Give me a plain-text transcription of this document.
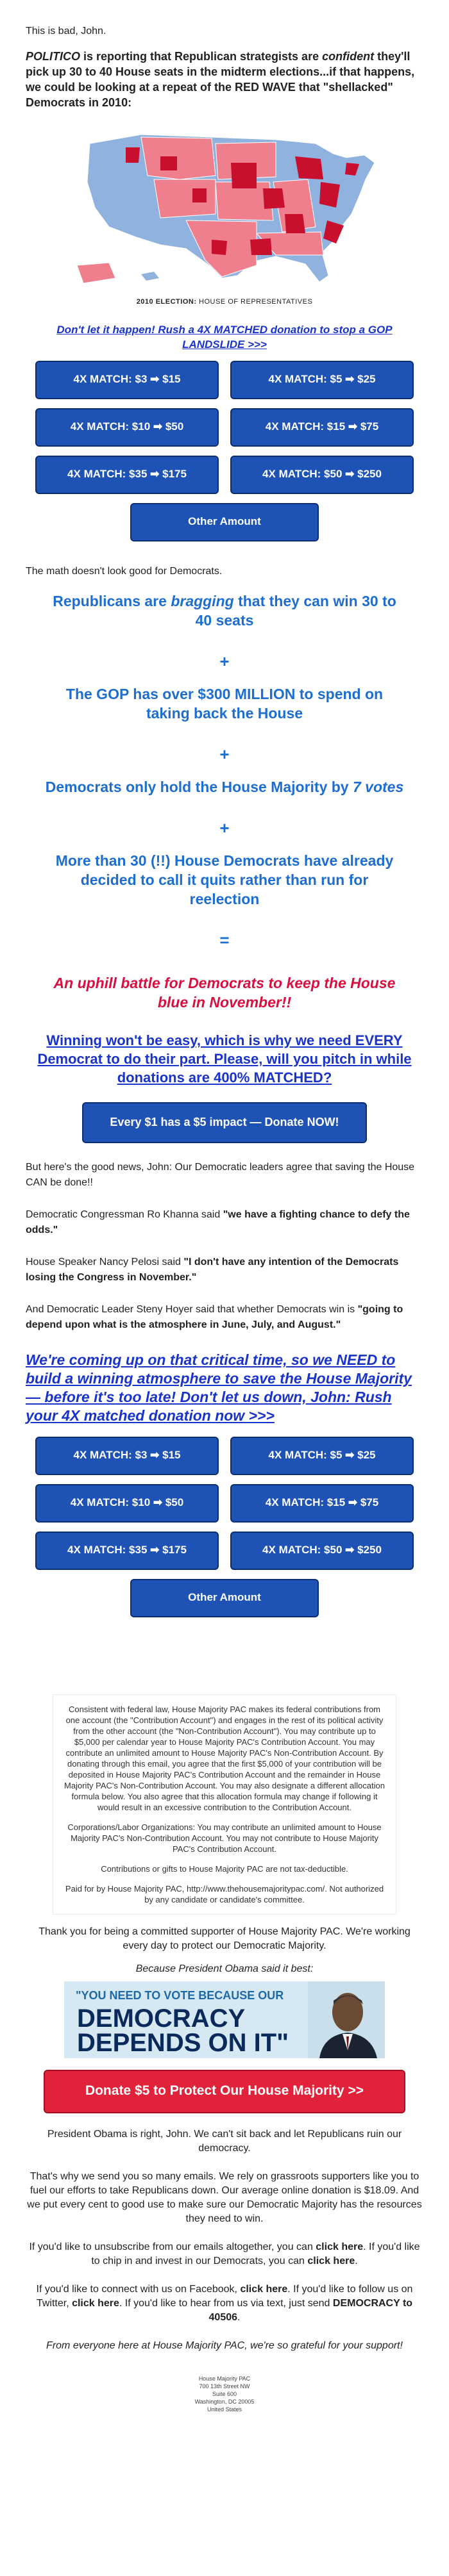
This is bad, John.

POLITICO is reporting that Republican strategists are confident they'll pick up 30 to 40 House seats in the midterm elections...if that happens, we could be looking at a repeat of the RED WAVE that "shellacked" Democrats in 2010:

2010 ELECTION: HOUSE OF REPRESENTATIVES

Don't let it happen! Rush a 4X MATCHED donation to stop a GOP LANDSLIDE >>>

4X MATCH: $3 ➡ $15	4X MATCH: $5 ➡ $25
4X MATCH: $10 ➡ $50	4X MATCH: $15 ➡ $75
4X MATCH: $35 ➡ $175	4X MATCH: $50 ➡ $250
Other Amount

The math doesn't look good for Democrats.

Republicans are bragging that they can win 30 to 40 seats

+

The GOP has over $300 MILLION to spend on taking back the House

+

Democrats only hold the House Majority by 7 votes

+

More than 30 (!!) House Democrats have already decided to call it quits rather than run for reelection

=

An uphill battle for Democrats to keep the House blue in November!!

Winning won't be easy, which is why we need EVERY Democrat to do their part. Please, will you pitch in while donations are 400% MATCHED?

Every $1 has a $5 impact — Donate NOW!

But here's the good news, John: Our Democratic leaders agree that saving the House CAN be done!!

Democratic Congressman Ro Khanna said "we have a fighting chance to defy the odds."

House Speaker Nancy Pelosi said "I don't have any intention of the Democrats losing the Congress in November."

And Democratic Leader Steny Hoyer said that whether Democrats win is "going to depend upon what is the atmosphere in June, July, and August."

We're coming up on that critical time, so we NEED to build a winning atmosphere to save the House Majority — before it's too late! Don't let us down, John: Rush your 4X matched donation now >>>

4X MATCH: $3 ➡ $15	4X MATCH: $5 ➡ $25
4X MATCH: $10 ➡ $50	4X MATCH: $15 ➡ $75
4X MATCH: $35 ➡ $175	4X MATCH: $50 ➡ $250
Other Amount

Consistent with federal law, House Majority PAC makes its federal contributions from one account (the "Contribution Account") and engages in the rest of its political activity from the other account (the "Non-Contribution Account"). You may contribute up to $5,000 per calendar year to House Majority PAC's Contribution Account. You may contribute an unlimited amount to House Majority PAC's Non-Contribution Account. By donating through this email, you agree that the first $5,000 of your contribution will be deposited in House Majority PAC's Contribution Account and the remainder in House Majority PAC's Non-Contribution Account. You may also designate a different allocation formula below. You also agree that this allocation formula may change if following it would result in an excessive contribution to the Contribution Account.

Corporations/Labor Organizations: You may contribute an unlimited amount to House Majority PAC's Non-Contribution Account. You may not contribute to House Majority PAC's Contribution Account.

Contributions or gifts to House Majority PAC are not tax-deductible.

Paid for by House Majority PAC, http://www.thehousemajoritypac.com/. Not authorized by any candidate or candidate's committee.

Thank you for being a committed supporter of House Majority PAC. We're working every day to protect our Democratic Majority.

Because President Obama said it best:

"YOU NEED TO VOTE BECAUSE OUR
DEMOCRACY
DEPENDS ON IT"
Donate $5 to Protect Our House Majority >>

President Obama is right, John. We can't sit back and let Republicans ruin our democracy.

That's why we send you so many emails. We rely on grassroots supporters like you to fuel our efforts to take Republicans down. Our average online donation is $18.09. And we put every cent to good use to make sure our Democratic Majority has the resources they need to win.

If you'd like to unsubscribe from our emails altogether, you can click here. If you'd like to chip in and invest in our Democrats, you can click here.

If you'd like to connect with us on Facebook, click here. If you'd like to follow us on Twitter, click here. If you'd like to hear from us via text, just send DEMOCRACY to 40506.

From everyone here at House Majority PAC, we're so grateful for your support!

House Majority PAC
700 13th Street NW
Suite 600
Washington, DC 20005
United States
